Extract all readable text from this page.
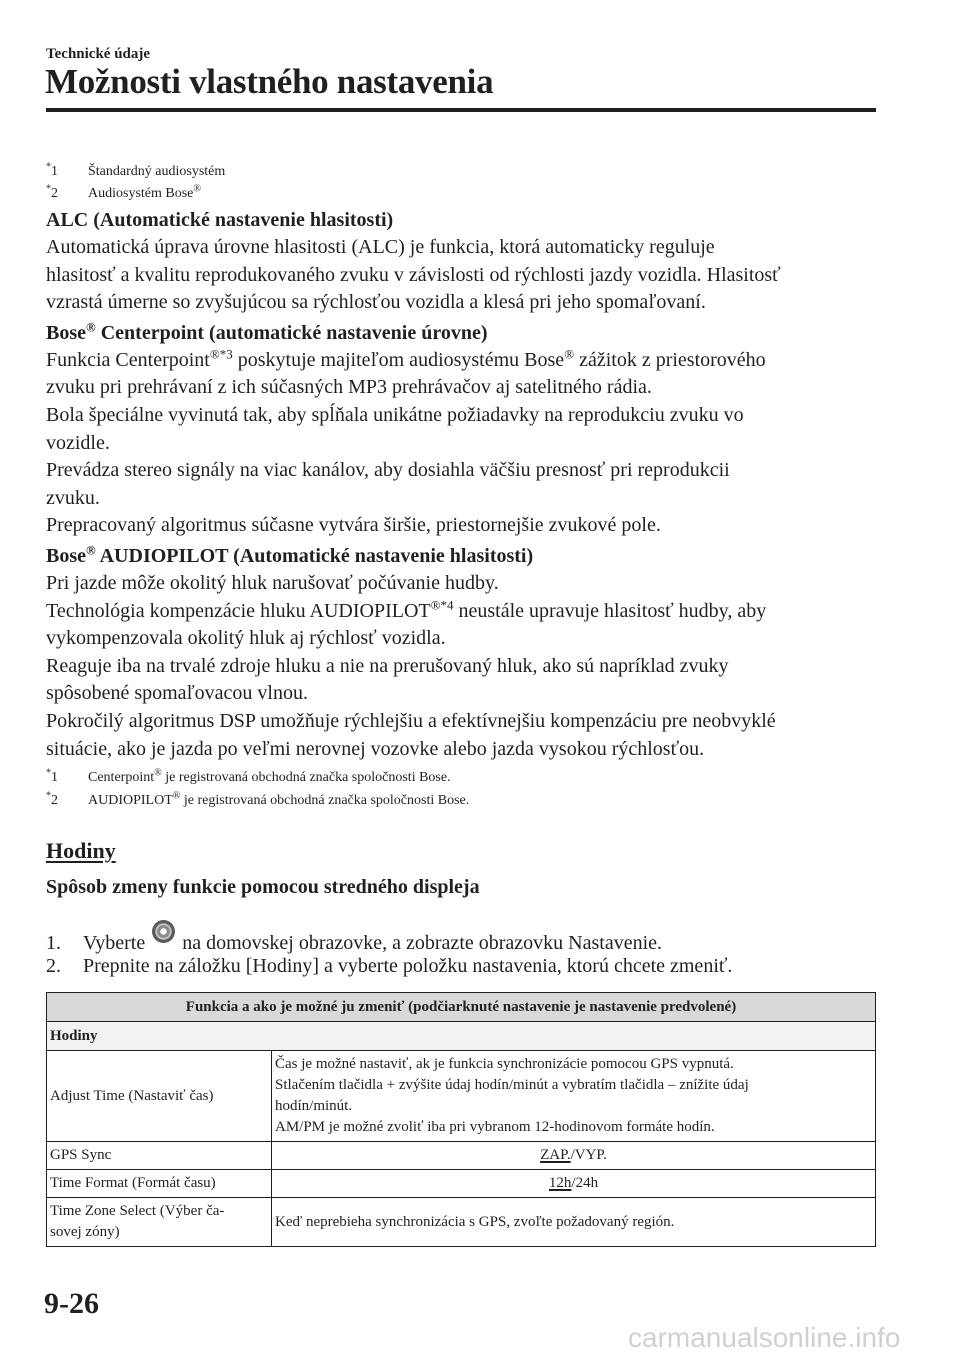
Technické údaje
Možnosti vlastného nastavenia
*1 Štandardný audiosystém
*2 Audiosystém Bose®
ALC (Automatické nastavenie hlasitosti)
Automatická úprava úrovne hlasitosti (ALC) je funkcia, ktorá automaticky reguluje
hlasitosť a kvalitu reprodukovaného zvuku v závislosti od rýchlosti jazdy vozidla. Hlasitosť
vzrastá úmerne so zvyšujúcou sa rýchlosťou vozidla a klesá pri jeho spomaľovaní.
Bose® Centerpoint (automatické nastavenie úrovne)
Funkcia Centerpoint$^{®*3}$ poskytuje majiteľom audiosystému Bose® zážitok z priestorového
zvuku pri prehrávaní z ich súčasných MP3 prehrávačov aj satelitného rádia.
Bola špeciálne vyvinutá tak, aby spĺňala unikátne požiadavky na reprodukciu zvuku vo
vozidle.
Prevádza stereo signály na viac kanálov, aby dosiahla väčšiu presnosť pri reprodukcii
zvuku.
Prepracovaný algoritmus súčasne vytvára širšie, priestornejšie zvukové pole.
Bose® AUDIOPILOT (Automatické nastavenie hlasitosti)
Pri jazde môže okolitý hluk narušovať počúvanie hudby.
Technológia kompenzácie hluku $AUDIOPILOT^{®*4}$ neustále upravuje hlasitosť hudby, aby
vykompenzovala okolitý hluk aj rýchlosť vozidla.
Reaguje iba na trvalé zdroje hluku a nie na prerušovaný hluk, ako sú napríklad zvuky
spôsobené spomaľovacou vlnou.
Pokročilý algoritmus DSP umožňuje rýchlejšiu a efektívnejšiu kompenzáciu pre neobvyklé
situácie, ako je jazda po veľmi nerovnej vozovke alebo jazda vysokou rýchlosťou.
*1 Centerpoint® je registrovaná obchodná značka spoločnosti Bose.
*2 AUDIOPILOT® je registrovaná obchodná značka spoločnosti Bose.
Hodiny
Spôsob zmeny funkcie pomocou stredného displeja
1. Vyberte  na domovskej obrazovke, a zobrazte obrazovku Nastavenie.
2. Prepnite na záložku [Hodiny] a vyberte položku nastavenia, ktorú chcete zmeniť.
Funkcia a ako je možné ju zmeniť (podčiarknuté nastavenie je nastavenie predvolené)	
Hodiny	
Adjust Time (Nastaviť čas)	Čas je možné nastaviť, ak je funkcia synchronizácie pomocou GPS vypnutá.
Stlačením tlačidla + zvýšite údaj hodín/minút a vybratím tlačidla – znížite údaj
hodín/minút.
AM/PM je možné zvoliť iba pri vybranom 12-hodinovom formáte hodín.
GPS Sync	ZAP./VYP.
Time Format (Formát času)	12h/24h
Time Zone Select (Výber ča-
sovej zóny)	Keď neprebieha synchronizácia s GPS, zvoľte požadovaný región.
9-26
carmanualsonline.info
